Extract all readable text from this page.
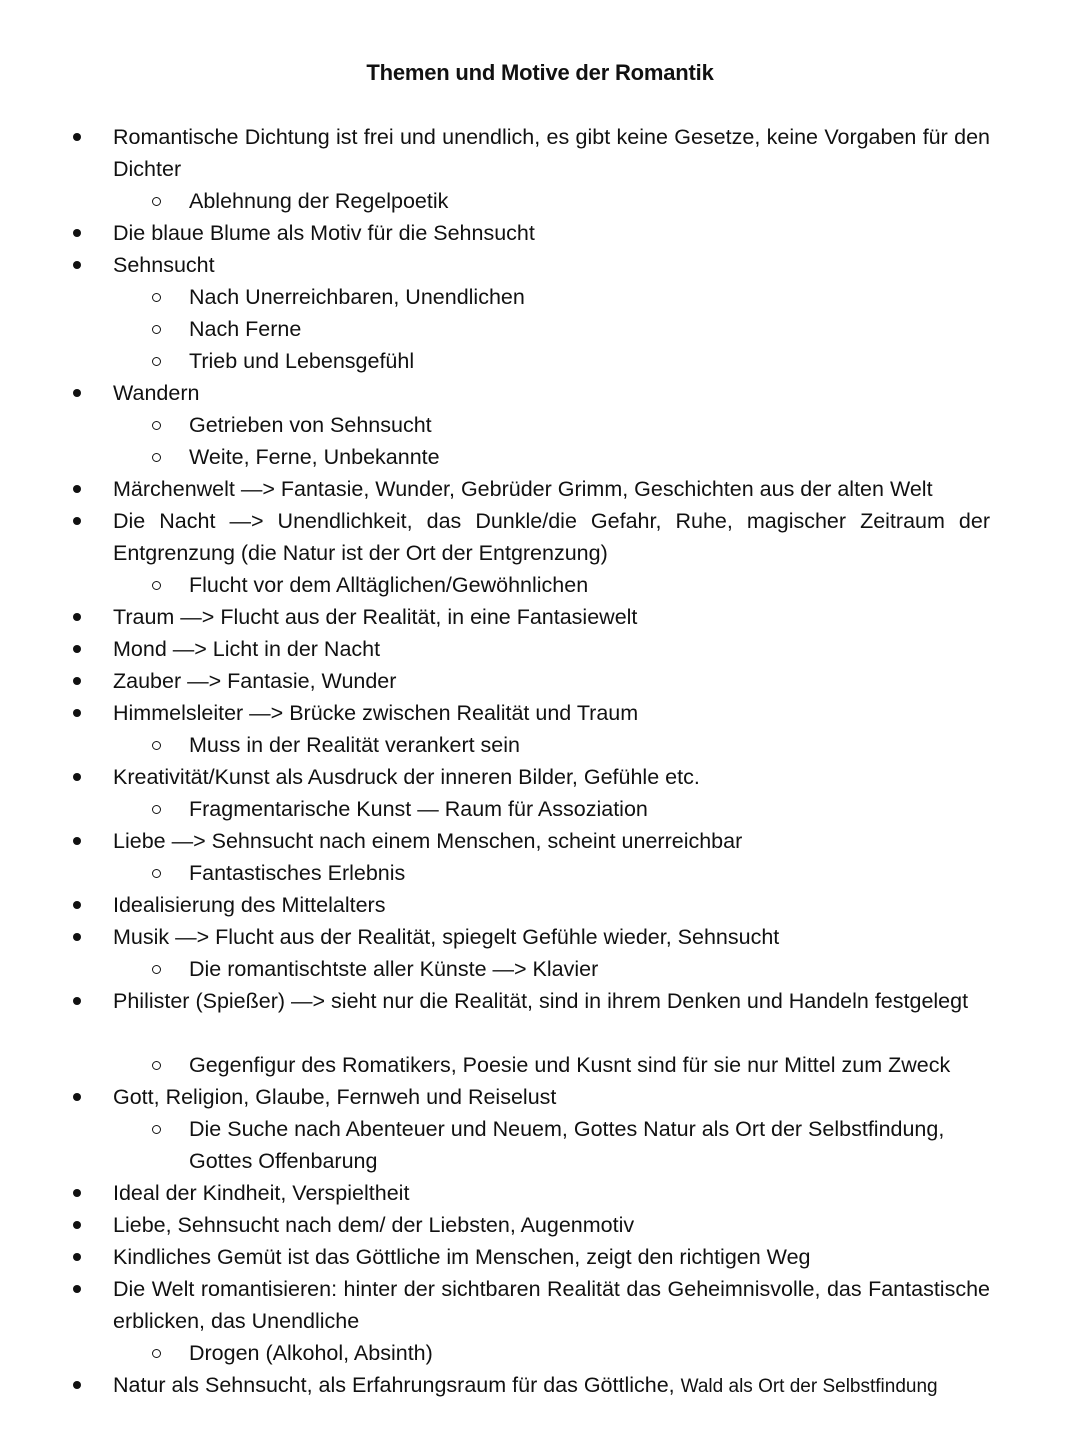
Themen und Motive der Romantik
Romantische Dichtung ist frei und unendlich, es gibt keine Gesetze, keine Vorgaben für den Dichter
Ablehnung der Regelpoetik
Die blaue Blume als Motiv für die Sehnsucht
Sehnsucht
Nach Unerreichbaren, Unendlichen
Nach Ferne
Trieb und Lebensgefühl
Wandern
Getrieben von Sehnsucht
Weite, Ferne, Unbekannte
Märchenwelt —> Fantasie, Wunder, Gebrüder Grimm, Geschichten aus der alten Welt
Die Nacht —> Unendlichkeit, das Dunkle/die Gefahr, Ruhe, magischer Zeitraum der Entgrenzung (die Natur ist der Ort der Entgrenzung)
Flucht vor dem Alltäglichen/Gewöhnlichen
Traum —> Flucht aus der Realität, in eine Fantasiewelt
Mond —> Licht in der Nacht
Zauber —> Fantasie, Wunder
Himmelsleiter —> Brücke zwischen Realität und Traum
Muss in der Realität verankert sein
Kreativität/Kunst als Ausdruck der inneren Bilder, Gefühle etc.
Fragmentarische Kunst — Raum für Assoziation
Liebe —> Sehnsucht nach einem Menschen, scheint unerreichbar
Fantastisches Erlebnis
Idealisierung des Mittelalters
Musik —> Flucht aus der Realität, spiegelt Gefühle wieder, Sehnsucht
Die romantischtste aller Künste —> Klavier
Philister (Spießer) —> sieht nur die Realität, sind in ihrem Denken und Handeln festgelegt
Gegenfigur des Romatikers, Poesie und Kusnt sind für sie nur Mittel zum Zweck
Gott, Religion, Glaube, Fernweh und Reiselust
Die Suche nach Abenteuer und Neuem, Gottes Natur als Ort der Selbstfindung, Gottes Offenbarung
Ideal der Kindheit, Verspieltheit
Liebe, Sehnsucht nach dem/ der Liebsten, Augenmotiv
Kindliches Gemüt ist das Göttliche im Menschen, zeigt den richtigen Weg
Die Welt romantisieren: hinter der sichtbaren Realität das Geheimnisvolle, das Fantastische erblicken, das Unendliche
Drogen (Alkohol, Absinth)
Natur als Sehnsucht, als Erfahrungsraum für das Göttliche, Wald als Ort der Selbstfindung
